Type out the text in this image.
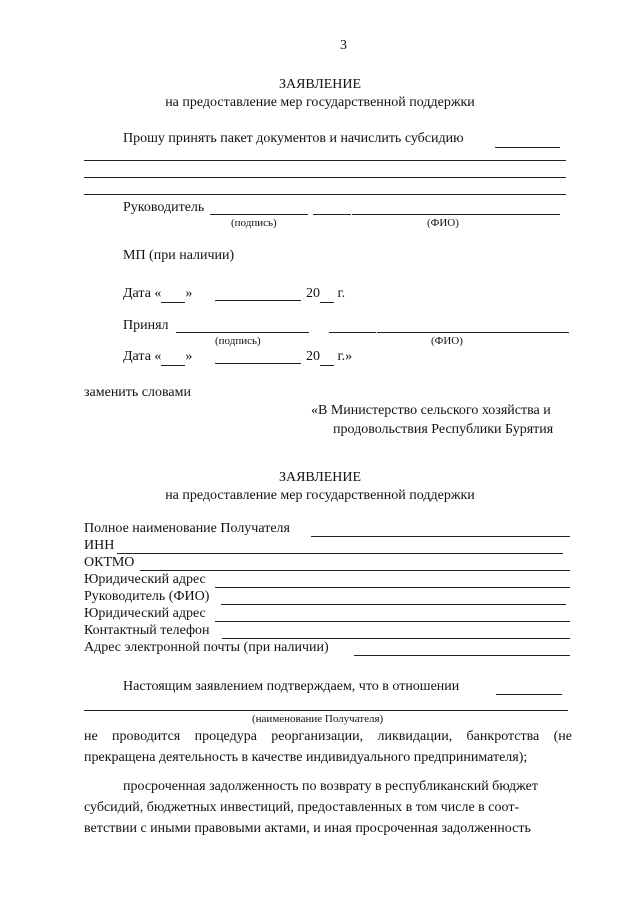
3
ЗАЯВЛЕНИЕ
на предоставление мер государственной поддержки
Прошу принять пакет документов и начислить субсидию
Руководитель
(подпись)	(ФИО)
МП (при наличии)
Дата « »	20  г.
Принял
(подпись)	(ФИО)
Дата « »	20  г.»
заменить словами
«В Министерство сельского хозяйства и
продовольствия Республики Бурятия
ЗАЯВЛЕНИЕ
на предоставление мер государственной поддержки
Полное наименование Получателя
ИНН
ОКТМО
Юридический адрес
Руководитель (ФИО)
Юридический адрес
Контактный телефон
Адрес электронной почты (при наличии)
Настоящим заявлением подтверждаем, что в отношении
(наименование Получателя)
не проводится процедура реорганизации, ликвидации, банкротства (не прекращена деятельность в качестве индивидуального предпринимателя);
просроченная задолженность по возврату в республиканский бюджет
субсидий, бюджетных инвестиций, предоставленных в том числе в соот-
ветствии с иными правовыми актами, и иная просроченная задолженность
